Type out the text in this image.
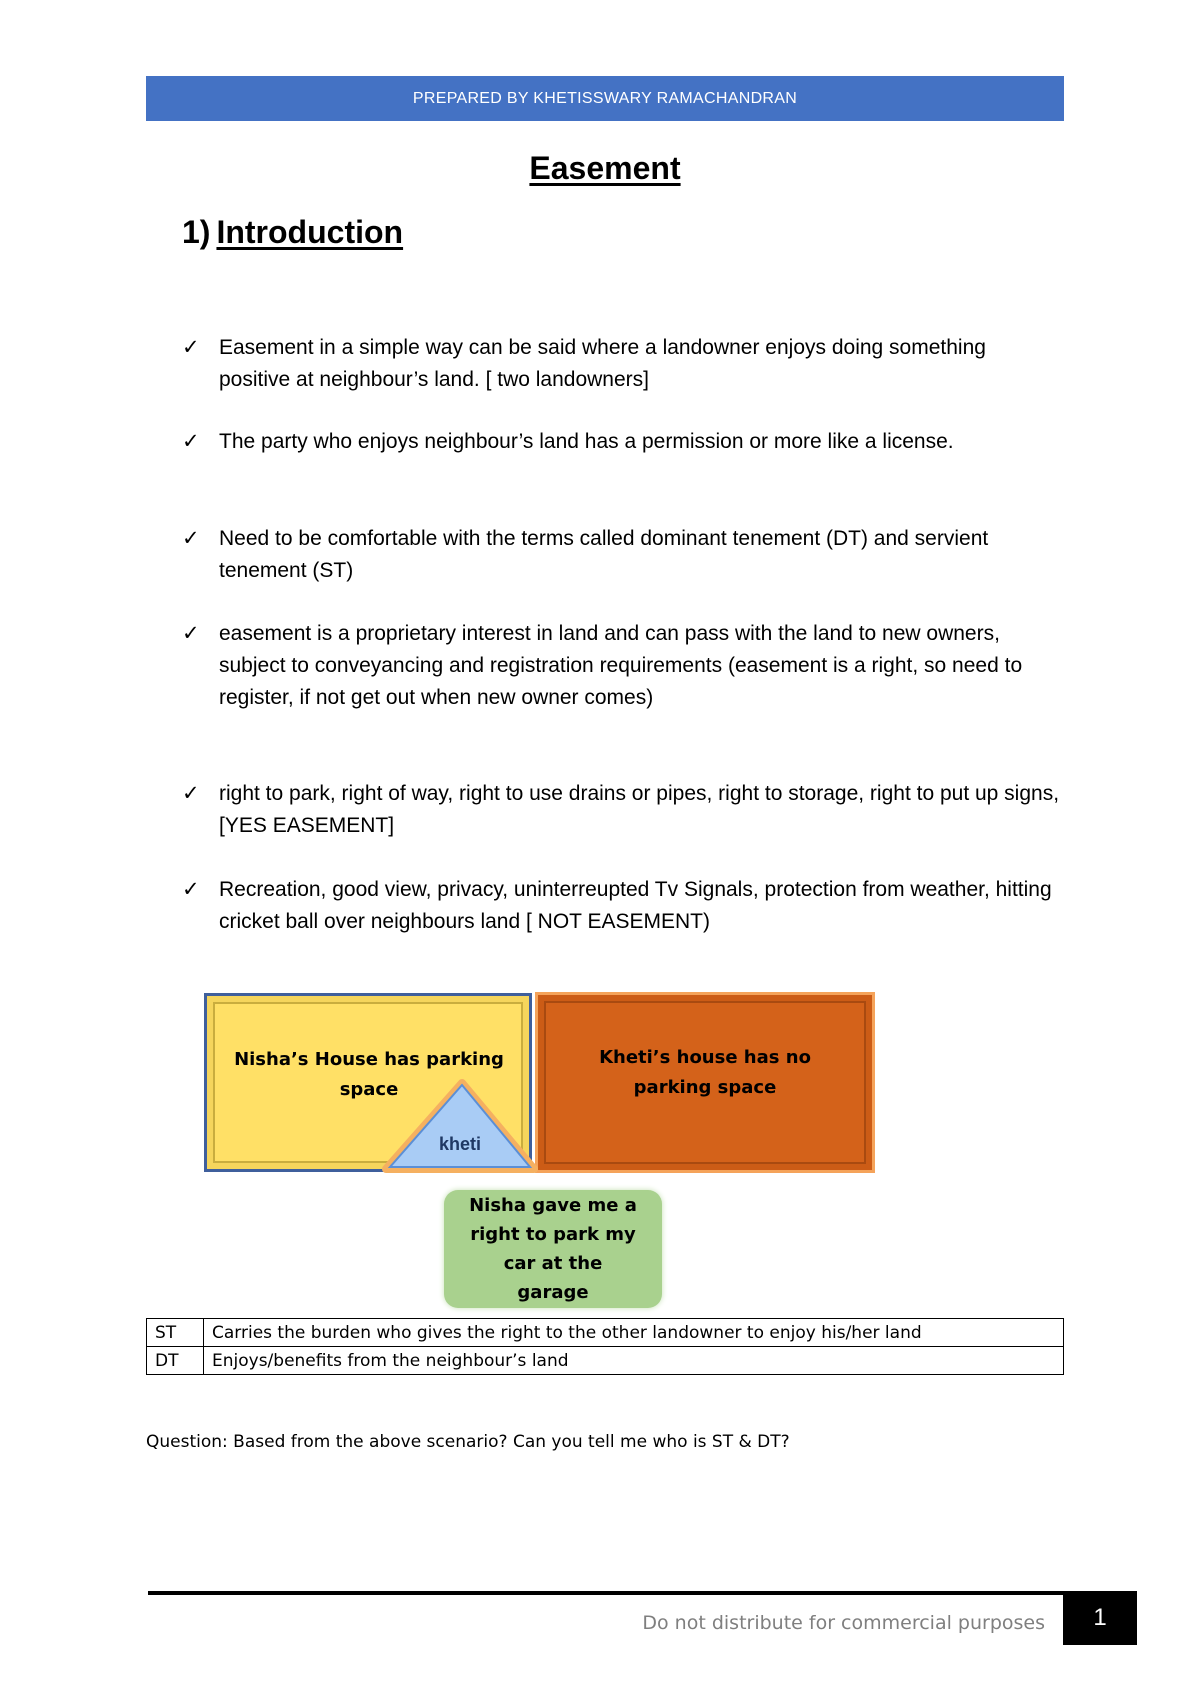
PREPARED BY KHETISSWARY RAMACHANDRAN
Easement
1) Introduction
✓ Easement in a simple way can be said where a landowner enjoys doing something positive at neighbour’s land. [ two landowners]
✓ The party who enjoys neighbour’s land has a permission or more like a license.
✓ Need to be comfortable with the terms called dominant tenement (DT) and servient tenement (ST)
✓ easement is a proprietary interest in land and can pass with the land to new owners, subject to conveyancing and registration requirements (easement is a right, so need to register, if not get out when new owner comes)
✓ right to park, right of way, right to use drains or pipes, right to storage, right to put up signs, [YES EASEMENT]
✓ Recreation, good view, privacy, uninterreupted Tv Signals, protection from weather, hitting cricket ball over neighbours land [ NOT EASEMENT)
Nisha’s House has parking space
Kheti’s house has no parking space
kheti
Nisha gave me a right to park my car at the garage
ST	Carries the burden who gives the right to the other landowner to enjoy his/her land
DT	Enjoys/benefits from the neighbour’s land
Question: Based from the above scenario? Can you tell me who is ST & DT?
Do not distribute for commercial purposes	1
